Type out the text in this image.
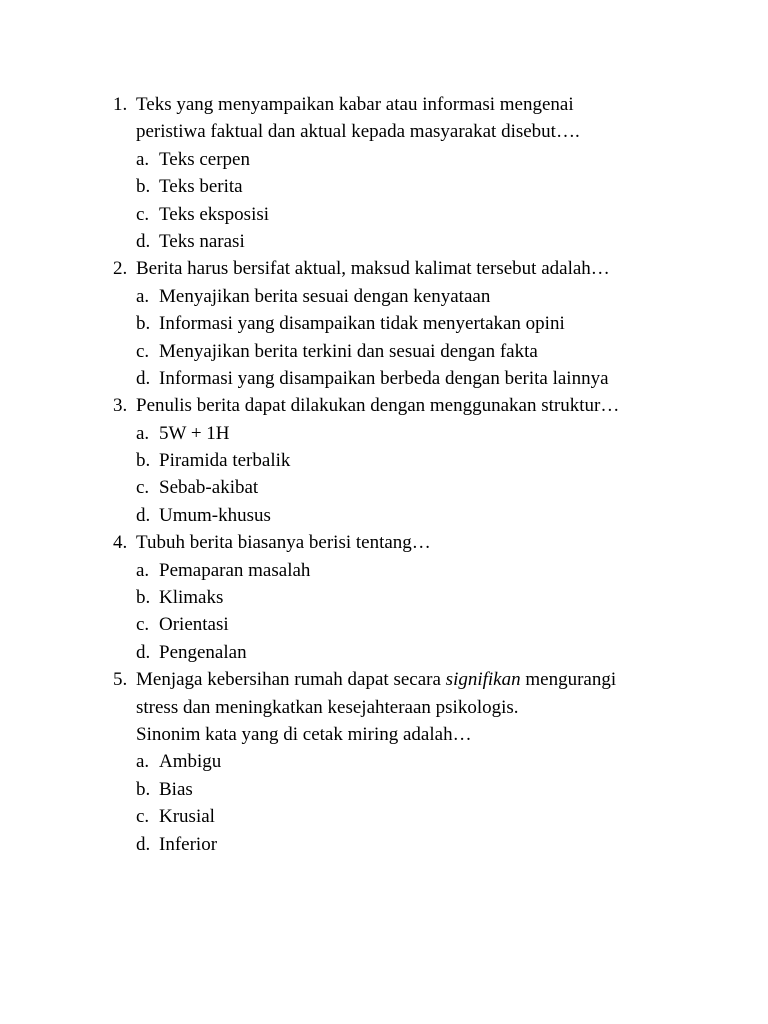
1. Teks yang menyampaikan kabar atau informasi mengenai
peristiwa faktual dan aktual kepada masyarakat disebut….
a. Teks cerpen
b. Teks berita
c. Teks eksposisi
d. Teks narasi
2. Berita harus bersifat aktual, maksud kalimat tersebut adalah…
a. Menyajikan berita sesuai dengan kenyataan
b. Informasi yang disampaikan tidak menyertakan opini
c. Menyajikan berita terkini dan sesuai dengan fakta
d. Informasi yang disampaikan berbeda dengan berita lainnya
3. Penulis berita dapat dilakukan dengan menggunakan struktur…
a. 5W + 1H
b. Piramida terbalik
c. Sebab-akibat
d. Umum-khusus
4. Tubuh berita biasanya berisi tentang…
a. Pemaparan masalah
b. Klimaks
c. Orientasi
d. Pengenalan
5. Menjaga kebersihan rumah dapat secara signifikan mengurangi
stress dan meningkatkan kesejahteraan psikologis.
Sinonim kata yang di cetak miring adalah…
a. Ambigu
b. Bias
c. Krusial
d. Inferior
